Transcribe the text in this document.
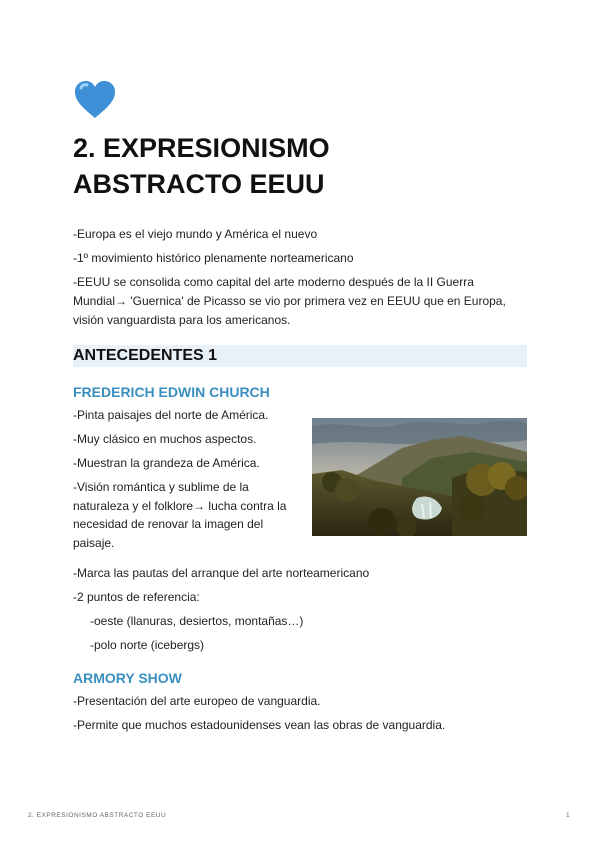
2. EXPRESIONISMO
ABSTRACTO EEUU
-Europa es el viejo mundo y América el nuevo
-1º movimiento histórico plenamente norteamericano
-EEUU se consolida como capital del arte moderno después de la II Guerra
Mundial→ 'Guernica' de Picasso se vio por primera vez en EEUU que en Europa,
visión vanguardista para los americanos.
ANTECEDENTES 1
FREDERICH EDWIN CHURCH
-Pinta paisajes del norte de América.
-Muy clásico en muchos aspectos.
-Muestran la grandeza de América.
-Visión romántica y sublime de la
naturaleza y el folklore→ lucha contra la
necesidad de renovar la imagen del
paisaje.
-Marca las pautas del arranque del arte norteamericano
-2 puntos de referencia:
-oeste (llanuras, desiertos, montañas…)
-polo norte (icebergs)
ARMORY SHOW
-Presentación del arte europeo de vanguardia.
-Permite que muchos estadounidenses vean las obras de vanguardia.
2. EXPRESIONISMO ABSTRACTO EEUU	1
